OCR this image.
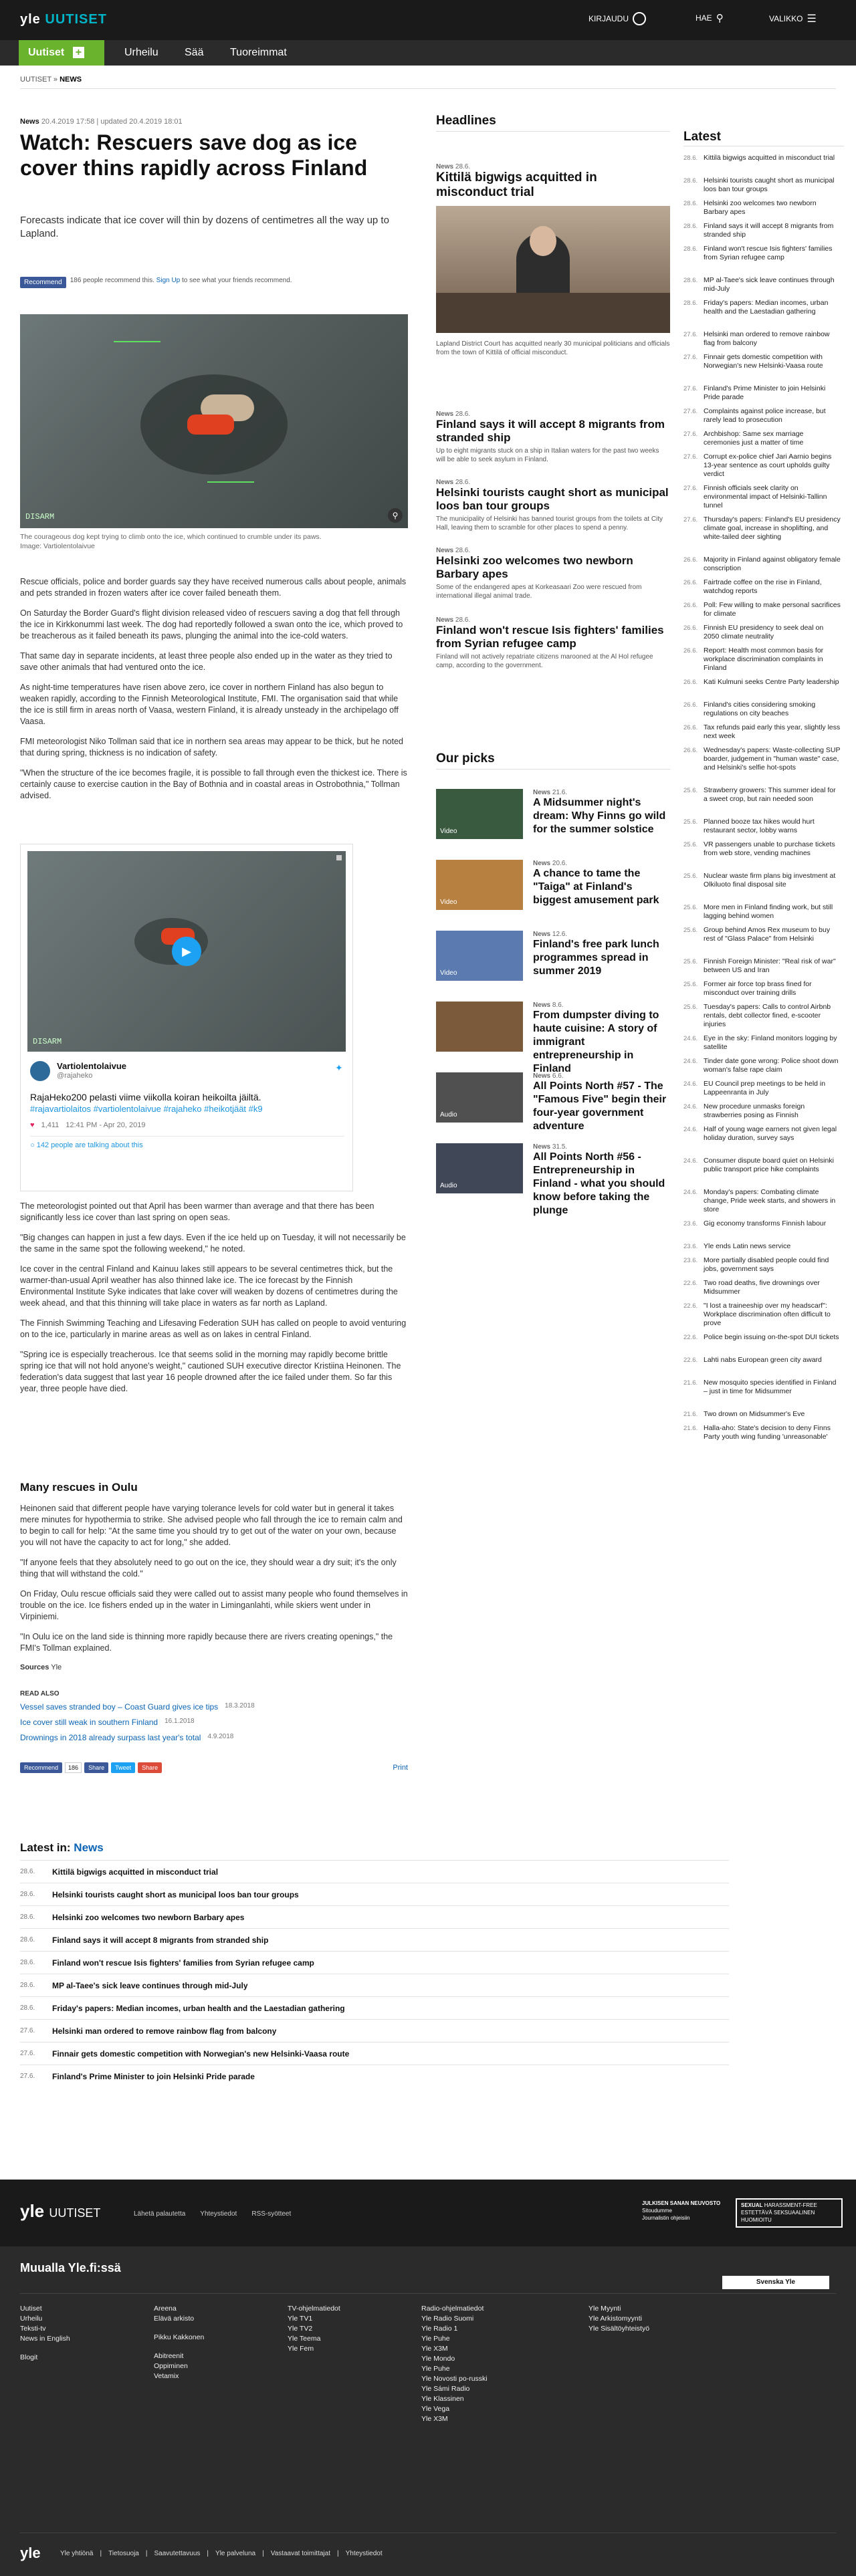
yle UUTISET	KIRJAUDU	HAE ⚲	VALIKKO ☰
Uutiset +	Urheilu	Sää	Tuoreimmat
UUTISET » NEWS
News 20.4.2019 17:58 | updated 20.4.2019 18:01
Watch: Rescuers save dog as ice cover thins rapidly across Finland
Forecasts indicate that ice cover will thin by dozens of centimetres all the way up to Lapland.
Recommend	186 people recommend this. Sign Up to see what your friends recommend.
DISARM	⚲
The courageous dog kept trying to climb onto the ice, which continued to crumble under its paws.
Image: Vartiolentolaivue

Rescue officials, police and border guards say they have received numerous calls about people, animals and pets stranded in frozen waters after ice cover failed beneath them.

On Saturday the Border Guard's flight division released video of rescuers saving a dog that fell through the ice in Kirkkonummi last week. The dog had reportedly followed a swan onto the ice, which proved to be treacherous as it failed beneath its paws, plunging the animal into the ice-cold waters.

That same day in separate incidents, at least three people also ended up in the water as they tried to save other animals that had ventured onto the ice.

As night-time temperatures have risen above zero, ice cover in northern Finland has also begun to weaken rapidly, according to the Finnish Meteorological Institute, FMI. The organisation said that while the ice is still firm in areas north of Vaasa, western Finland, it is already unsteady in the archipelago off Vaasa.

FMI meteorologist Niko Tollman said that ice in northern sea areas may appear to be thick, but he noted that during spring, thickness is no indication of safety.

"When the structure of the ice becomes fragile, it is possible to fall through even the thickest ice. There is certainly cause to exercise caution in the Bay of Bothnia and in coastal areas in Ostrobothnia," Tollman advised.

▶
DISARM
Vartiolentolaivue
@rajaheko
✦
RajaHeko200 pelasti viime viikolla koiran heikoilta jäiltä.
#rajavartiolaitos #vartiolentolaivue #rajaheko #heikotjäät #k9
♥ 1,411 12:41 PM - Apr 20, 2019
○ 142 people are talking about this

The meteorologist pointed out that April has been warmer than average and that there has been significantly less ice cover than last spring on open seas.

"Big changes can happen in just a few days. Even if the ice held up on Tuesday, it will not necessarily be the same in the same spot the following weekend," he noted.

Ice cover in the central Finland and Kainuu lakes still appears to be several centimetres thick, but the warmer-than-usual April weather has also thinned lake ice. The ice forecast by the Finnish Environmental Institute Syke indicates that lake cover will weaken by dozens of centimetres during the week ahead, and that this thinning will take place in waters as far north as Lapland.

The Finnish Swimming Teaching and Lifesaving Federation SUH has called on people to avoid venturing on to the ice, particularly in marine areas as well as on lakes in central Finland.

"Spring ice is especially treacherous. Ice that seems solid in the morning may rapidly become brittle spring ice that will not hold anyone's weight," cautioned SUH executive director Kristiina Heinonen. The federation's data suggest that last year 16 people drowned after the ice failed under them. So far this year, three people have died.

Many rescues in Oulu

Heinonen said that different people have varying tolerance levels for cold water but in general it takes mere minutes for hypothermia to strike. She advised people who fall through the ice to remain calm and to begin to call for help: "At the same time you should try to get out of the water on your own, because you will not have the capacity to act for long," she added.

"If anyone feels that they absolutely need to go out on the ice, they should wear a dry suit; it's the only thing that will withstand the cold."

On Friday, Oulu rescue officials said they were called out to assist many people who found themselves in trouble on the ice. Ice fishers ended up in the water in Liminganlahti, while skiers went under in Virpiniemi.

"In Oulu ice on the land side is thinning more rapidly because there are rivers creating openings," the FMI's Tollman explained.

Sources Yle
READ ALSO
Vessel saves stranded boy – Coast Guard gives ice tips 18.3.2018
Ice cover still weak in southern Finland 16.1.2018
Drownings in 2018 already surpass last year's total 4.9.2018
Recommend	186	Share	Tweet	Share	Print
Latest in: News
Headlines
News 28.6.
Kittilä bigwigs acquitted in misconduct trial
Lapland District Court has acquitted nearly 30 municipal politicians and officials from the town of Kittilä of official misconduct.
Our picks
Latest
yle UUTISET	Lähetä palautetta Yhteystiedot RSS-syötteet
JULKISEN SANAN NEUVOSTO
Sitoudumme
Journalistin ohjeisiin
SEXUAL HARASSMENT-FREE
ESTETTÄVÄ SEKSUAALINEN HUOMIOITU
Muualla Yle.fi:ssä
Svenska Yle
Uutiset
Urheilu
Teksti-tv
News in English
Blogit
Areena
Elävä arkisto
Pikku Kakkonen
Abitreenit
Oppiminen
Vetamix
TV-ohjelmatiedot
Yle TV1
Yle TV2
Yle Teema
Yle Fem
Radio-ohjelmatiedot
Yle Radio Suomi
Yle Radio 1
Yle Puhe
Yle X3M
Yle Mondo
Yle Puhe
Yle Novosti po-russki
Yle Sámi Radio
Yle Klassinen
Yle Vega
Yle X3M
Yle Myynti
Yle Arkistomyynti
Yle Sisältöyhteistyö
yle	Yle yhtiönä | Tietosuoja | Saavutettavuus | Yle palveluna | Vastaavat toimittajat | Yhteystiedot
28.6. Kittilä bigwigs acquitted in misconduct trial
28.6. Helsinki tourists caught short as municipal loos ban tour groups
28.6. Helsinki zoo welcomes two newborn Barbary apes
28.6. Finland says it will accept 8 migrants from stranded ship
28.6. Finland won't rescue Isis fighters' families from Syrian refugee camp
28.6. MP al-Taee's sick leave continues through mid-July
28.6. Friday's papers: Median incomes, urban health and the Laestadian gathering
27.6. Helsinki man ordered to remove rainbow flag from balcony
27.6. Finnair gets domestic competition with Norwegian's new Helsinki-Vaasa route
27.6. Finland's Prime Minister to join Helsinki Pride parade
News 28.6.
Finland says it will accept 8 migrants from stranded ship
Up to eight migrants stuck on a ship in Italian waters for the past two weeks will be able to seek asylum in Finland.
News 28.6.
Helsinki tourists caught short as municipal loos ban tour groups
The municipality of Helsinki has banned tourist groups from the toilets at City Hall, leaving them to scramble for other places to spend a penny.
News 28.6.
Helsinki zoo welcomes two newborn Barbary apes
Some of the endangered apes at Korkeasaari Zoo were rescued from international illegal animal trade.
News 28.6.
Finland won't rescue Isis fighters' families from Syrian refugee camp
Finland will not actively repatriate citizens marooned at the Al Hol refugee camp, according to the government.
Video
News 21.6.
A Midsummer night's dream: Why Finns go wild for the summer solstice
Video
News 20.6.
A chance to tame the "Taiga" at Finland's biggest amusement park
Video
News 12.6.
Finland's free park lunch programmes spread in summer 2019
News 8.6.
From dumpster diving to haute cuisine: A story of immigrant entrepreneurship in Finland
Audio
News 6.6.
All Points North #57 - The "Famous Five" begin their four-year government adventure
Audio
News 31.5.
All Points North #56 - Entrepreneurship in Finland - what you should know before taking the plunge
28.6. Kittilä bigwigs acquitted in misconduct trial
28.6. Helsinki tourists caught short as municipal loos ban tour groups
28.6. Helsinki zoo welcomes two newborn Barbary apes
28.6. Finland says it will accept 8 migrants from stranded ship
28.6. Finland won't rescue Isis fighters' families from Syrian refugee camp
28.6. MP al-Taee's sick leave continues through mid-July
28.6. Friday's papers: Median incomes, urban health and the Laestadian gathering
27.6. Helsinki man ordered to remove rainbow flag from balcony
27.6. Finnair gets domestic competition with Norwegian's new Helsinki-Vaasa route
27.6. Finland's Prime Minister to join Helsinki Pride parade
27.6. Complaints against police increase, but rarely lead to prosecution
27.6. Archbishop: Same sex marriage ceremonies just a matter of time
27.6. Corrupt ex-police chief Jari Aarnio begins 13-year sentence as court upholds guilty verdict
27.6. Finnish officials seek clarity on environmental impact of Helsinki-Tallinn tunnel
27.6. Thursday's papers: Finland's EU presidency climate goal, increase in shoplifting, and white-tailed deer sighting
26.6. Majority in Finland against obligatory female conscription
26.6. Fairtrade coffee on the rise in Finland, watchdog reports
26.6. Poll: Few willing to make personal sacrifices for climate
26.6. Finnish EU presidency to seek deal on 2050 climate neutrality
26.6. Report: Health most common basis for workplace discrimination complaints in Finland
26.6. Kati Kulmuni seeks Centre Party leadership
26.6. Finland's cities considering smoking regulations on city beaches
26.6. Tax refunds paid early this year, slightly less next week
26.6. Wednesday's papers: Waste-collecting SUP boarder, judgement in "human waste" case, and Helsinki's selfie hot-spots
25.6. Strawberry growers: This summer ideal for a sweet crop, but rain needed soon
25.6. Planned booze tax hikes would hurt restaurant sector, lobby warns
25.6. VR passengers unable to purchase tickets from web store, vending machines
25.6. Nuclear waste firm plans big investment at Olkiluoto final disposal site
25.6. More men in Finland finding work, but still lagging behind women
25.6. Group behind Amos Rex museum to buy rest of "Glass Palace" from Helsinki
25.6. Finnish Foreign Minister: "Real risk of war" between US and Iran
25.6. Former air force top brass fined for misconduct over training drills
25.6. Tuesday's papers: Calls to control Airbnb rentals, debt collector fined, e-scooter injuries
24.6. Eye in the sky: Finland monitors logging by satellite
24.6. Tinder date gone wrong: Police shoot down woman's false rape claim
24.6. EU Council prep meetings to be held in Lappeenranta in July
24.6. New procedure unmasks foreign strawberries posing as Finnish
24.6. Half of young wage earners not given legal holiday duration, survey says
24.6. Consumer dispute board quiet on Helsinki public transport price hike complaints
24.6. Monday's papers: Combating climate change, Pride week starts, and showers in store
23.6. Gig economy transforms Finnish labour
23.6. Yle ends Latin news service
23.6. More partially disabled people could find jobs, government says
22.6. Two road deaths, five drownings over Midsummer
22.6. "I lost a traineeship over my headscarf": Workplace discrimination often difficult to prove
22.6. Police begin issuing on-the-spot DUI tickets
22.6. Lahti nabs European green city award
21.6. New mosquito species identified in Finland – just in time for Midsummer
21.6. Two drown on Midsummer's Eve
21.6. Halla-aho: State's decision to deny Finns Party youth wing funding 'unreasonable'
